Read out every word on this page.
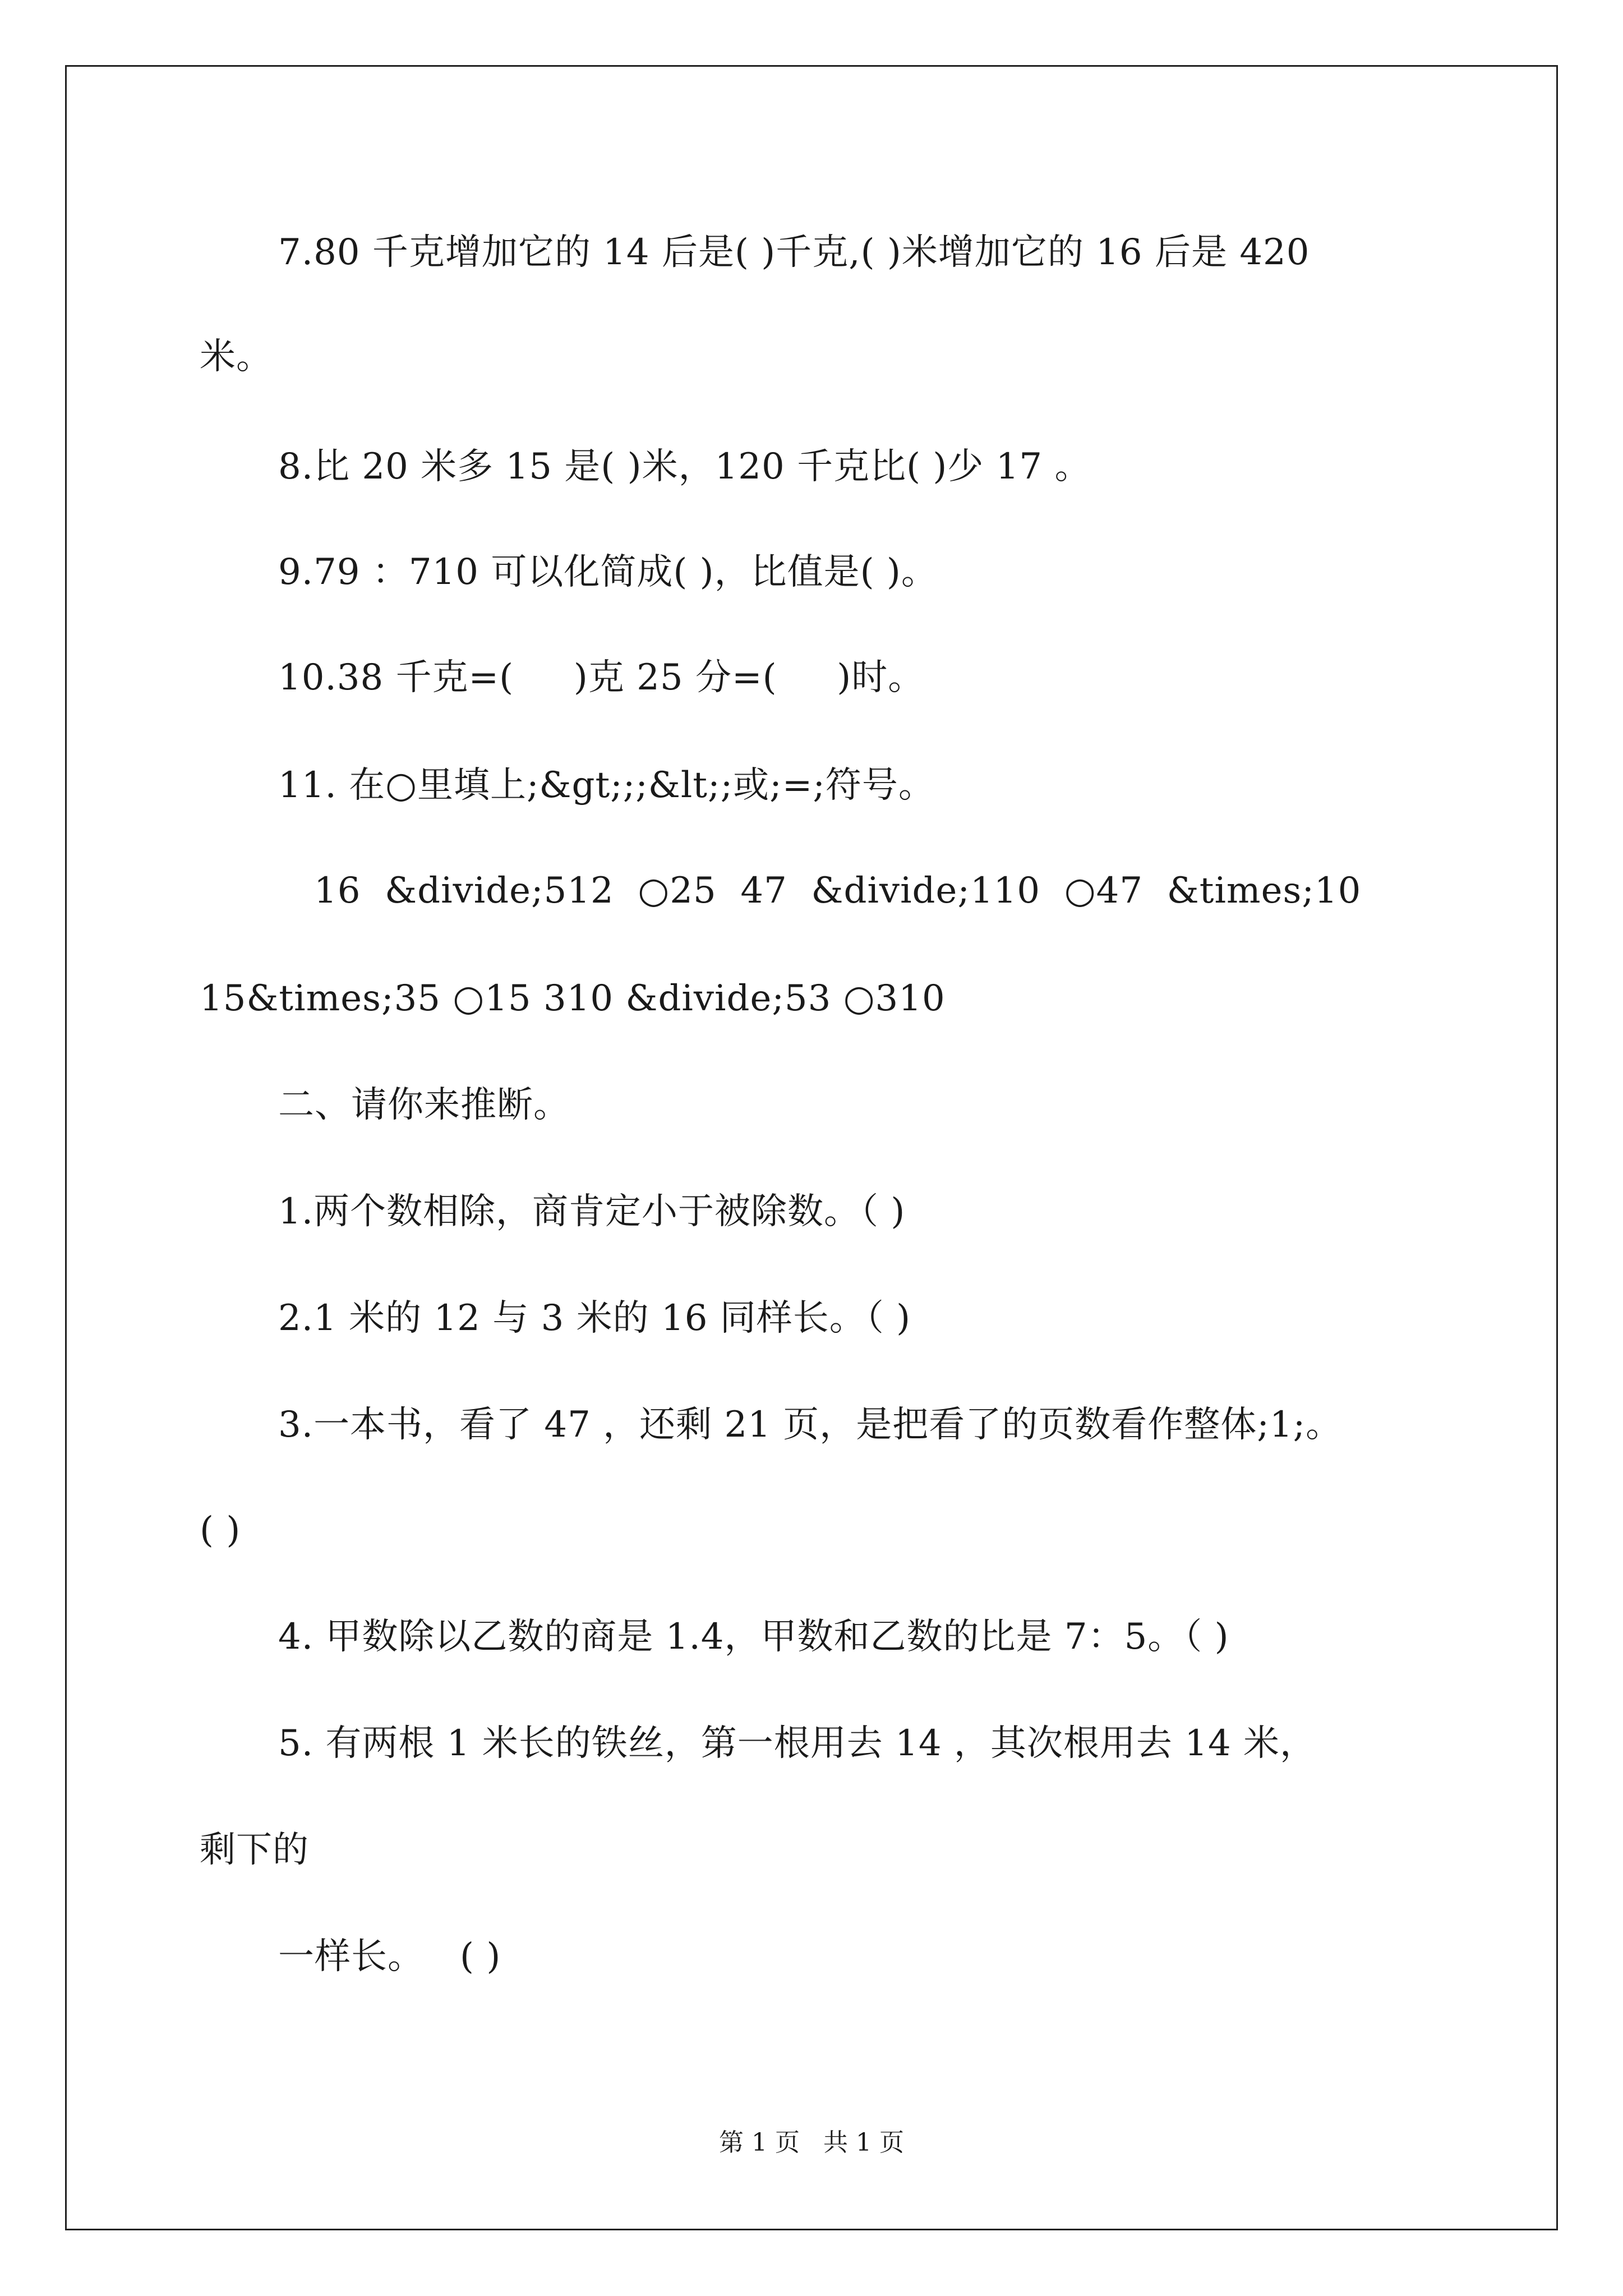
7.80 千克增加它的 14 后是( )千克,( )米增加它的 16 后是 420
米。
8.比 20 米多 15 是( )米，120 千克比( )少 17 。
9.79 ：710 可以化简成( )，比值是( )。
10.38 千克=(     )克 25 分=(     )时。
11. 在○里填上;&gt;;;&lt;;或;=;符号。
16  &divide;512  ○25  47  &divide;110  ○47  &times;10
15&times;35 ○15 310 &divide;53 ○310
二、请你来推断。
1.两个数相除，商肯定小于被除数。（ )
2.1 米的 12 与 3 米的 16 同样长。（ )
3.一本书，看了 47 ，还剩 21 页，是把看了的页数看作整体;1;。
( )
4. 甲数除以乙数的商是 1.4，甲数和乙数的比是 7：5。（ )
5. 有两根 1 米长的铁丝，第一根用去 14 ，其次根用去 14 米，
剩下的
一样长。   ( )
第 1 页   共 1 页
